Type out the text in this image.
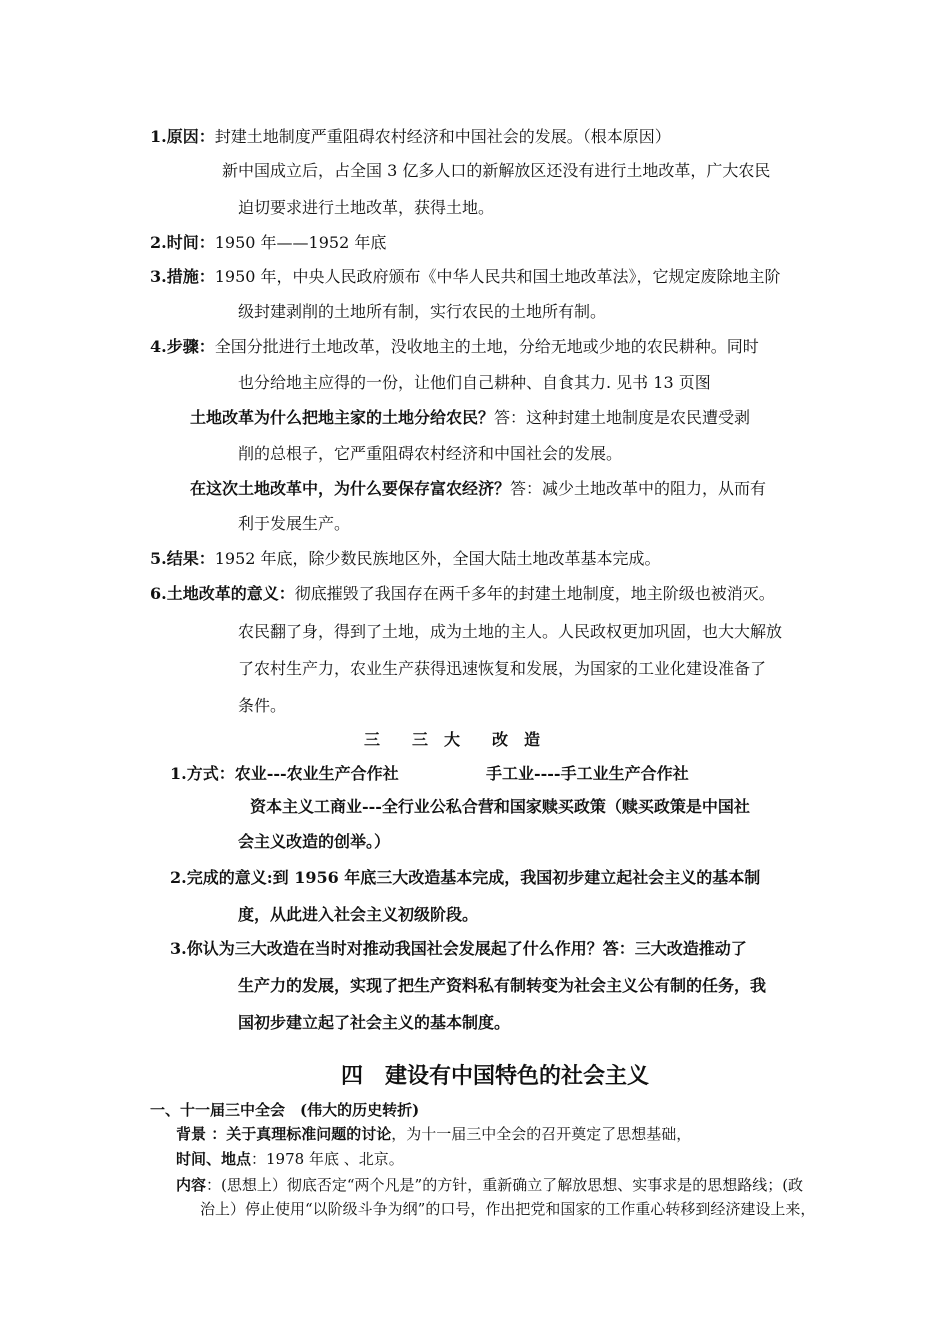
1.原因：封建土地制度严重阻碍农村经济和中国社会的发展。（根本原因）
新中国成立后，占全国 3 亿多人口的新解放区还没有进行土地改革，广大农民
迫切要求进行土地改革，获得土地。
2.时间：1950 年——1952 年底
3.措施：1950 年，中央人民政府颁布《中华人民共和国土地改革法》，它规定废除地主阶
级封建剥削的土地所有制，实行农民的土地所有制。
4.步骤：全国分批进行土地改革，没收地主的土地，分给无地或少地的农民耕种。同时
也分给地主应得的一份，让他们自己耕种、自食其力. 见书 13 页图
土地改革为什么把地主家的土地分给农民？答：这种封建土地制度是农民遭受剥
削的总根子，它严重阻碍农村经济和中国社会的发展。
在这次土地改革中，为什么要保存富农经济？答：减少土地改革中的阻力，从而有
利于发展生产。
5.结果：1952 年底，除少数民族地区外，全国大陆土地改革基本完成。
6.土地改革的意义：彻底摧毁了我国存在两千多年的封建土地制度，地主阶级也被消灭。
农民翻了身，得到了土地，成为土地的主人。人民政权更加巩固，也大大解放
了农村生产力，农业生产获得迅速恢复和发展，为国家的工业化建设准备了
条件。
三　　三　大　　改　造
1.方式：农业---农业生产合作社	手工业----手工业生产合作社
资本主义工商业---全行业公私合营和国家赎买政策（赎买政策是中国社
会主义改造的创举。）
2.完成的意义:到 1956 年底三大改造基本完成，我国初步建立起社会主义的基本制
度，从此进入社会主义初级阶段。
3.你认为三大改造在当时对推动我国社会发展起了什么作用？答：三大改造推动了
生产力的发展，实现了把生产资料私有制转变为社会主义公有制的任务，我
国初步建立起了社会主义的基本制度。
四　建设有中国特色的社会主义
一、十一届三中全会　(伟大的历史转折)
背景 ：关于真理标准问题的讨论，为十一届三中全会的召开奠定了思想基础，
时间、地点：1978 年底 、北京。
内容：(思想上）彻底否定“两个凡是”的方针，重新确立了解放思想、实事求是的思想路线；(政
治上）停止使用“以阶级斗争为纲”的口号，作出把党和国家的工作重心转移到经济建设上来，
